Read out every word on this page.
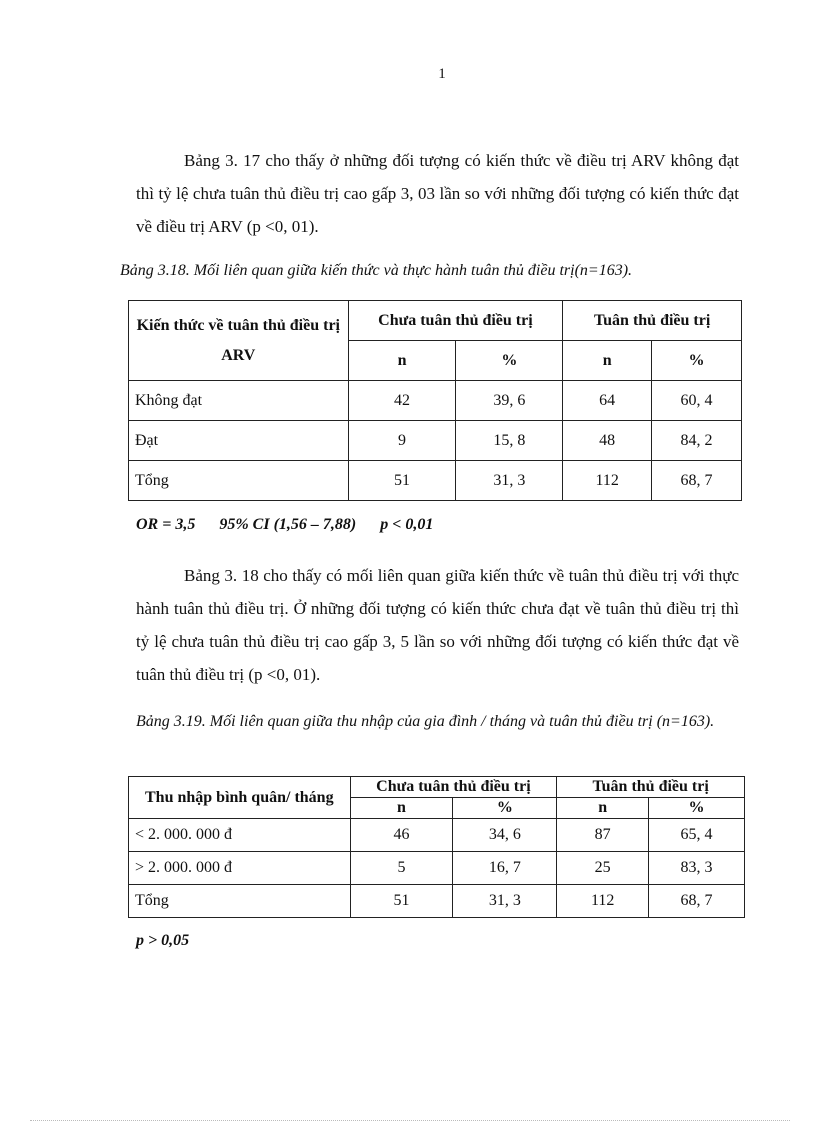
1

Bảng 3. 17 cho thấy ở những đối tượng có kiến thức về điều trị ARV không đạt thì tỷ lệ chưa tuân thủ điều trị cao gấp 3, 03 lần so với những đối tượng có kiến thức đạt về điều trị ARV (p <0, 01).

Bảng 3.18. Mối liên quan giữa kiến thức và thực hành tuân thủ điều trị(n=163).

Kiến thức về tuân thủ điều trị ARV	Chưa tuân thủ điều trị		Tuân thủ điều trị	
	n	%	n	%
Không đạt	42	39, 6	64	60, 4
Đạt	9	15, 8	48	84, 2
Tổng	51	31, 3	112	68, 7

OR = 3,5      95% CI (1,56 – 7,88)      p < 0,01

Bảng 3. 18 cho thấy có mối liên quan giữa kiến thức về tuân thủ điều trị với thực hành tuân thủ điều trị. Ở những đối tượng có kiến thức chưa đạt về tuân thủ điều trị thì tỷ lệ chưa tuân thủ điều trị cao gấp 3, 5 lần so với những đối tượng có kiến thức đạt về tuân thủ điều trị (p <0, 01).

Bảng 3.19. Mối liên quan giữa thu nhập của gia đình / tháng và tuân thủ điều trị (n=163).

Thu nhập bình quân/ tháng	Chưa tuân thủ điều trị		Tuân thủ điều trị	
	n	%	n	%
< 2. 000. 000 đ	46	34, 6	87	65, 4
> 2. 000. 000 đ	5	16, 7	25	83, 3
Tổng	51	31, 3	112	68, 7

p > 0,05
